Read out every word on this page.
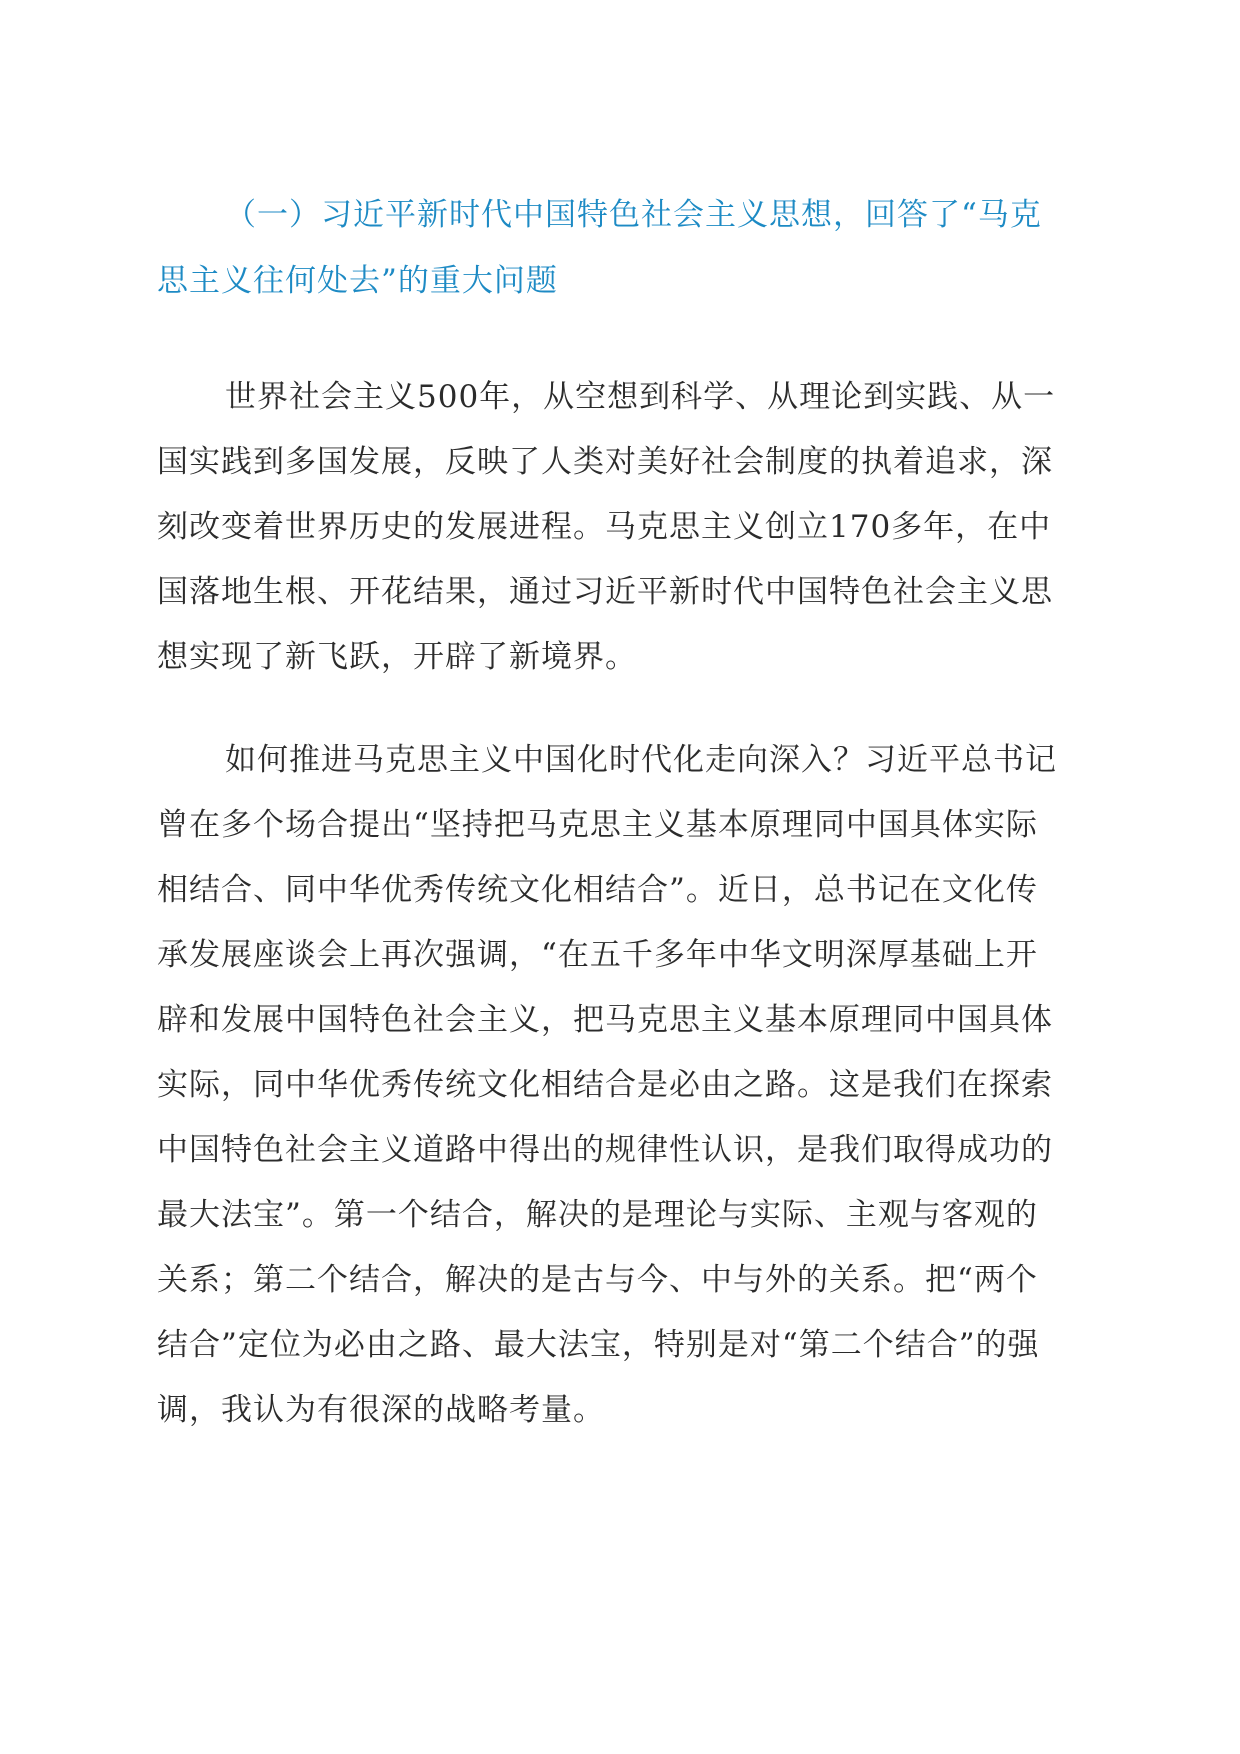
（一）习近平新时代中国特色社会主义思想，回答了“马克思主义往何处去”的重大问题

世界社会主义500年，从空想到科学、从理论到实践、从一国实践到多国发展，反映了人类对美好社会制度的执着追求，深刻改变着世界历史的发展进程。马克思主义创立170多年，在中国落地生根、开花结果，通过习近平新时代中国特色社会主义思想实现了新飞跃，开辟了新境界。

如何推进马克思主义中国化时代化走向深入？习近平总书记曾在多个场合提出“坚持把马克思主义基本原理同中国具体实际相结合、同中华优秀传统文化相结合”。近日，总书记在文化传承发展座谈会上再次强调，“在五千多年中华文明深厚基础上开辟和发展中国特色社会主义，把马克思主义基本原理同中国具体实际，同中华优秀传统文化相结合是必由之路。这是我们在探索中国特色社会主义道路中得出的规律性认识，是我们取得成功的最大法宝”。第一个结合，解决的是理论与实际、主观与客观的关系；第二个结合，解决的是古与今、中与外的关系。把“两个结合”定位为必由之路、最大法宝，特别是对“第二个结合”的强调，我认为有很深的战略考量。
